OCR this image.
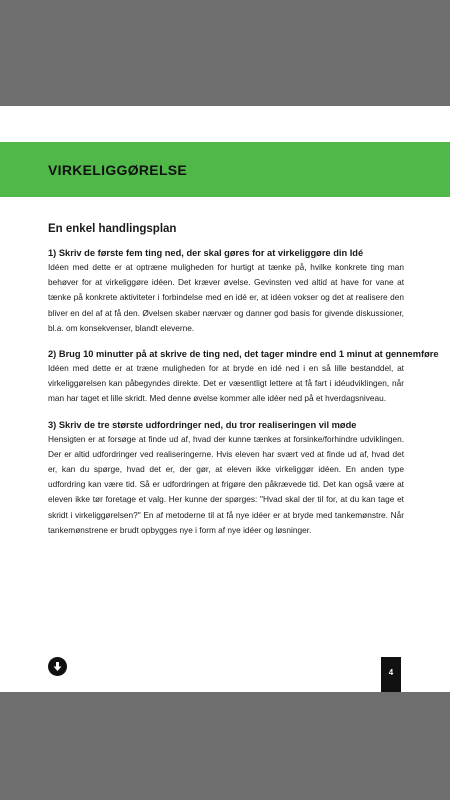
VIRKELIGGØRELSE
En enkel handlingsplan

1) Skriv de første fem ting ned, der skal gøres for at virkeliggøre din Idé

Idéen med dette er at optræne muligheden for hurtigt at tænke på, hvilke konkrete ting man behøver for at virkeliggøre idéen. Det kræver øvelse. Gevinsten ved altid at have for vane at tænke på konkrete aktiviteter i forbindelse med en idé er, at idéen vokser og det at realisere den bliver en del af at få den. Øvelsen skaber nærvær og danner god basis for givende diskussioner, bl.a. om konsekvenser, blandt eleverne.

2) Brug 10 minutter på at skrive de ting ned, det tager mindre end 1 minut at gennemføre

Idéen med dette er at træne muligheden for at bryde en idé ned i en så lille bestanddel, at virkeliggørelsen kan påbegyndes direkte. Det er væsentligt lettere at få fart i idéudviklingen, når man har taget et lille skridt. Med denne øvelse kommer alle idéer ned på et hverdagsniveau.

3) Skriv de tre største udfordringer ned, du tror realiseringen vil møde

Hensigten er at forsøge at finde ud af, hvad der kunne tænkes at forsinke/forhindre udviklingen. Der er altid udfordringer ved realiseringerne. Hvis eleven har svært ved at finde ud af, hvad det er, kan du spørge, hvad det er, der gør, at eleven ikke virkeliggør idéen. En anden type udfordring kan være tid. Så er udfordringen at frigøre den påkrævede tid. Det kan også være at eleven ikke tør foretage et valg. Her kunne der spørges: "Hvad skal der til for, at du kan tage et skridt i virkeliggørelsen?" En af metoderne til at få nye idéer er at bryde med tankemønstre. Når tankemønstrene er brudt opbygges nye i form af nye idéer og løsninger.

4
